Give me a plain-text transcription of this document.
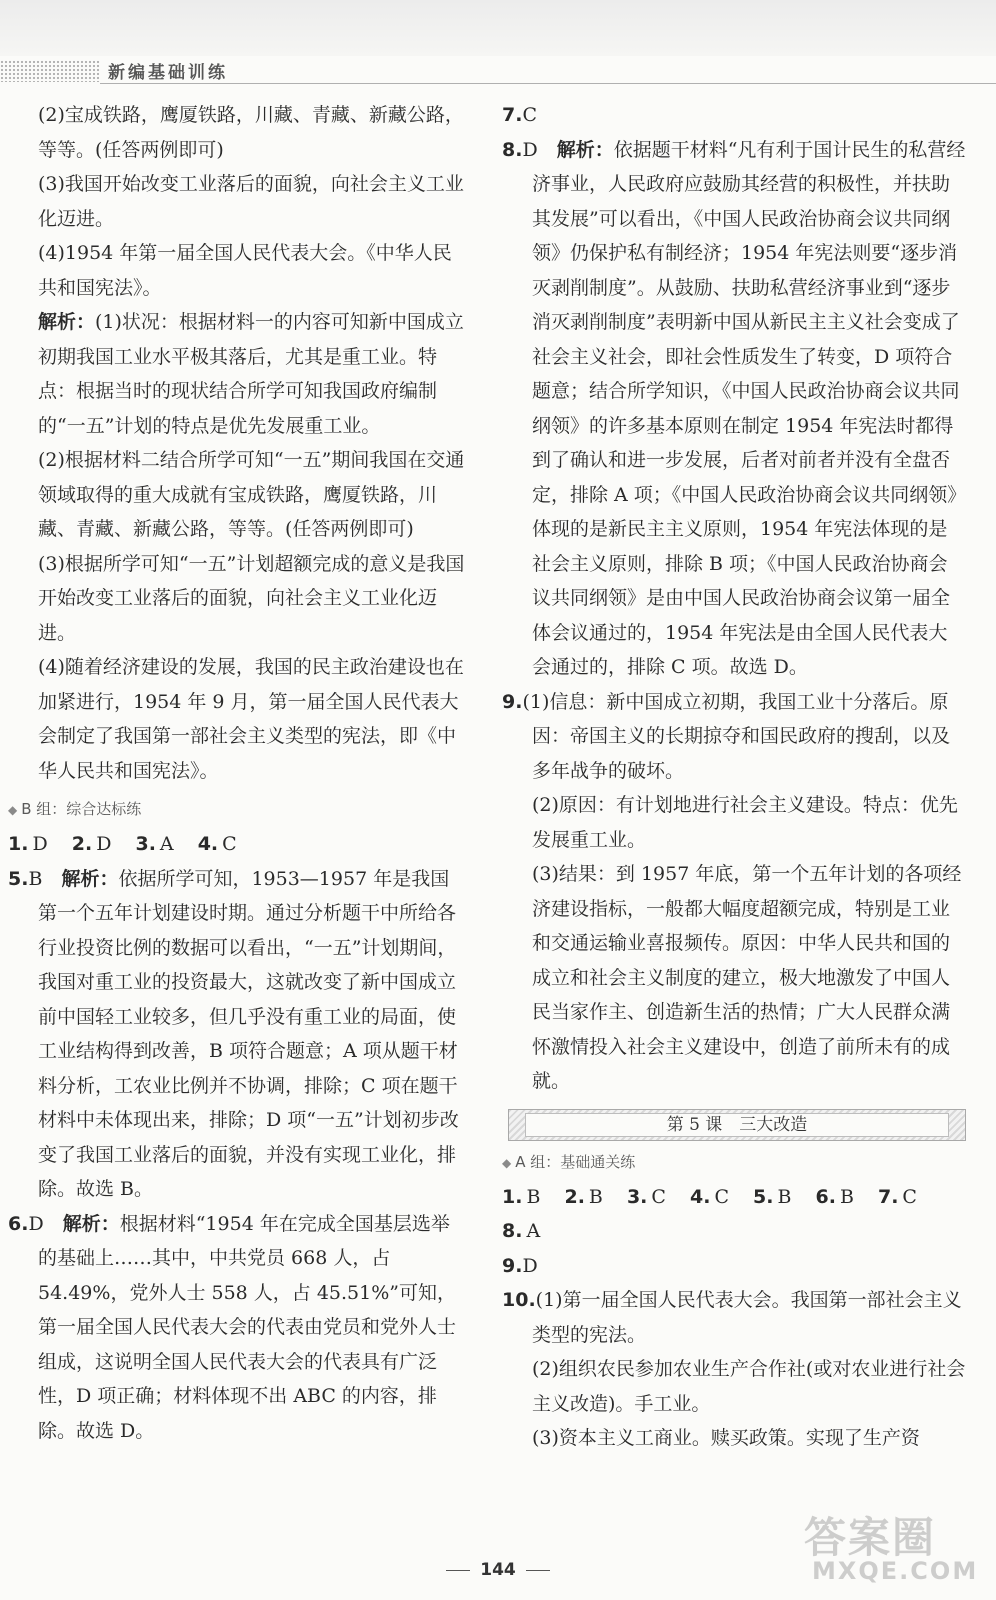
新编基础训练

(2)宝成铁路，鹰厦铁路，川藏、青藏、新藏公路，等等。(任答两例即可)

(3)我国开始改变工业落后的面貌，向社会主义工业化迈进。

(4)1954 年第一届全国人民代表大会。《中华人民共和国宪法》。

解析：(1)状况：根据材料一的内容可知新中国成立初期我国工业水平极其落后，尤其是重工业。特点：根据当时的现状结合所学可知我国政府编制的“一五”计划的特点是优先发展重工业。

(2)根据材料二结合所学可知“一五”期间我国在交通领域取得的重大成就有宝成铁路，鹰厦铁路，川藏、青藏、新藏公路，等等。(任答两例即可)

(3)根据所学可知“一五”计划超额完成的意义是我国开始改变工业落后的面貌，向社会主义工业化迈进。

(4)随着经济建设的发展，我国的民主政治建设也在加紧进行，1954 年 9 月，第一届全国人民代表大会制定了我国第一部社会主义类型的宪法，即《中华人民共和国宪法》。

◆ B 组：综合达标练

1. D 2. D 3. A 4. C

5.B　 解析：依据所学可知，1953—1957 年是我国第一个五年计划建设时期。通过分析题干中所给各行业投资比例的数据可以看出，“一五”计划期间，我国对重工业的投资最大，这就改变了新中国成立前中国轻工业较多，但几乎没有重工业的局面，使工业结构得到改善，B 项符合题意；A 项从题干材料分析，工农业比例并不协调，排除；C 项在题干材料中未体现出来，排除；D 项“一五”计划初步改变了我国工业落后的面貌，并没有实现工业化，排除。故选 B。

6.D　 解析：根据材料“1954 年在完成全国基层选举的基础上……其中，中共党员 668 人，占 54.49%，党外人士 558 人，占 45.51%”可知，第一届全国人民代表大会的代表由党员和党外人士组成，这说明全国人民代表大会的代表具有广泛性，D 项正确；材料体现不出 ABC 的内容，排除。故选 D。

7.C

8.D　 解析：依据题干材料“凡有利于国计民生的私营经济事业，人民政府应鼓励其经营的积极性，并扶助其发展”可以看出，《中国人民政治协商会议共同纲领》仍保护私有制经济；1954 年宪法则要“逐步消灭剥削制度”。从鼓励、扶助私营经济事业到“逐步消灭剥削制度”表明新中国从新民主主义社会变成了社会主义社会，即社会性质发生了转变，D 项符合题意；结合所学知识，《中国人民政治协商会议共同纲领》的许多基本原则在制定 1954 年宪法时都得到了确认和进一步发展，后者对前者并没有全盘否定，排除 A 项；《中国人民政治协商会议共同纲领》体现的是新民主主义原则，1954 年宪法体现的是社会主义原则，排除 B 项；《中国人民政治协商会议共同纲领》是由中国人民政治协商会议第一届全体会议通过的，1954 年宪法是由全国人民代表大会通过的，排除 C 项。故选 D。

9.(1)信息：新中国成立初期，我国工业十分落后。原因：帝国主义的长期掠夺和国民政府的搜刮，以及多年战争的破坏。

(2)原因：有计划地进行社会主义建设。特点：优先发展重工业。

(3)结果：到 1957 年底，第一个五年计划的各项经济建设指标，一般都大幅度超额完成，特别是工业和交通运输业喜报频传。原因：中华人民共和国的成立和社会主义制度的建立，极大地激发了中国人民当家作主、创造新生活的热情；广大人民群众满怀激情投入社会主义建设中，创造了前所未有的成就。

第 5 课　三大改造
◆ A 组：基础通关练

1. B 2. B 3. C 4. C 5. B 6. B 7. C 8. A

9.D

10.(1)第一届全国人民代表大会。我国第一部社会主义类型的宪法。

(2)组织农民参加农业生产合作社(或对农业进行社会主义改造)。手工业。

(3)资本主义工商业。赎买政策。实现了生产资

144
答案圈
MXQE.COM
